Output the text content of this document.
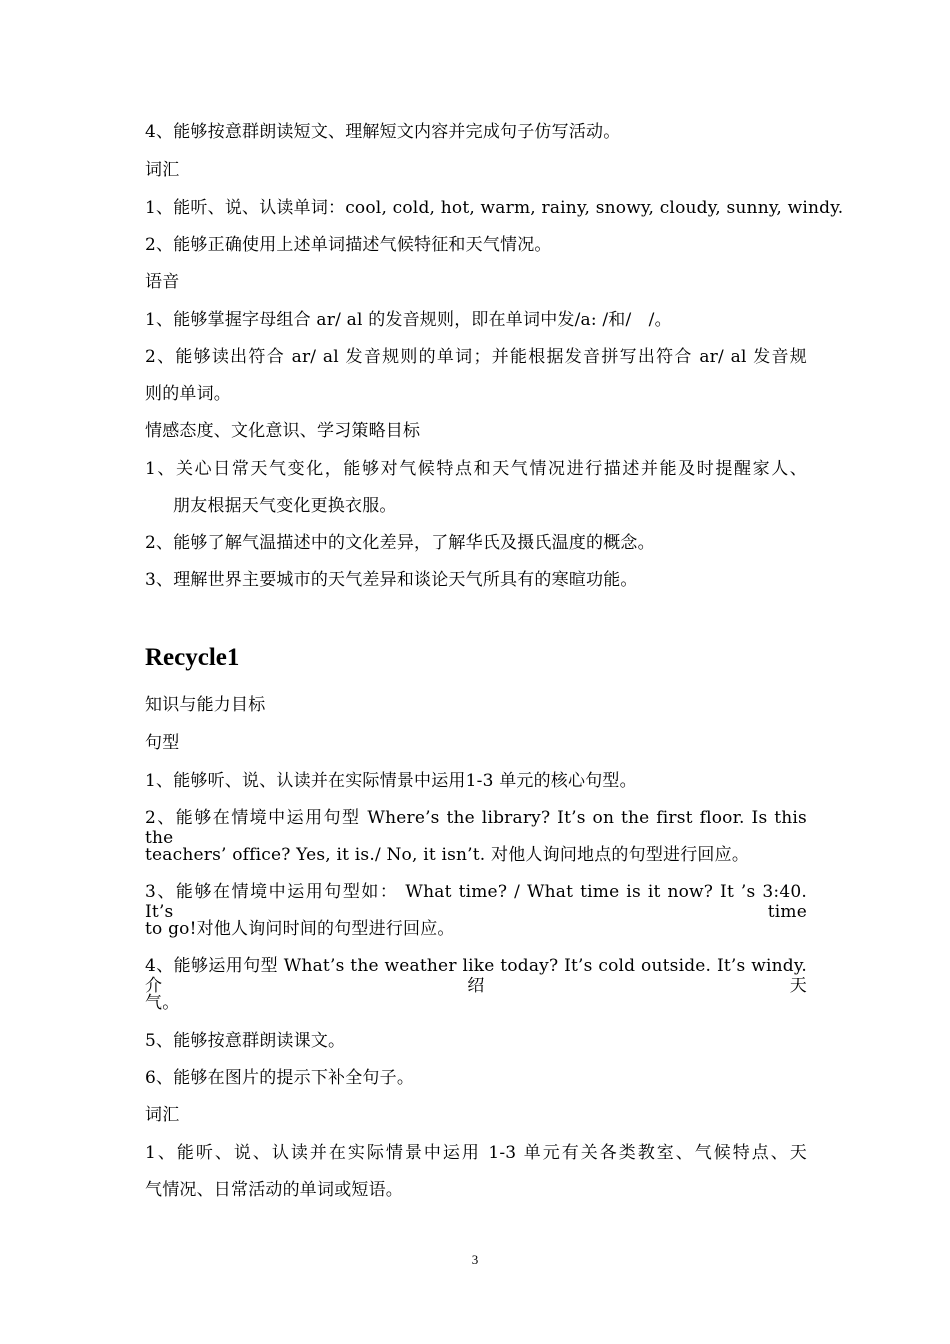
4、能够按意群朗读短文、理解短文内容并完成句子仿写活动。
词汇
1、能听、说、认读单词：cool, cold, hot, warm, rainy, snowy, cloudy, sunny, windy.
2、能够正确使用上述单词描述气候特征和天气情况。
语音
1、能够掌握字母组合 ar/ al 的发音规则，即在单词中发/a: /和/　/。
2、能够读出符合 ar/ al 发音规则的单词；并能根据发音拼写出符合 ar/ al 发音规
则的单词。
情感态度、文化意识、学习策略目标
1、关心日常天气变化，能够对气候特点和天气情况进行描述并能及时提醒家人、
朋友根据天气变化更换衣服。
2、能够了解气温描述中的文化差异，了解华氏及摄氏温度的概念。
3、理解世界主要城市的天气差异和谈论天气所具有的寒暄功能。
Recycle1
知识与能力目标
句型
1、能够听、说、认读并在实际情景中运用1-3 单元的核心句型。
2、能够在情境中运用句型 Where’s the library? It’s on the first floor. Is this the
teachers’ office? Yes, it is./ No, it isn’t. 对他人询问地点的句型进行回应。
3、能够在情境中运用句型如： What time? / What time is it now? It ’s 3:40. It’s time
to go!对他人询问时间的句型进行回应。
4、能够运用句型 What’s the weather like today? It’s cold outside. It’s windy.介绍天
气。
5、能够按意群朗读课文。
6、能够在图片的提示下补全句子。
词汇
1、能听、说、认读并在实际情景中运用 1-3 单元有关各类教室、气候特点、天
气情况、日常活动的单词或短语。
3
